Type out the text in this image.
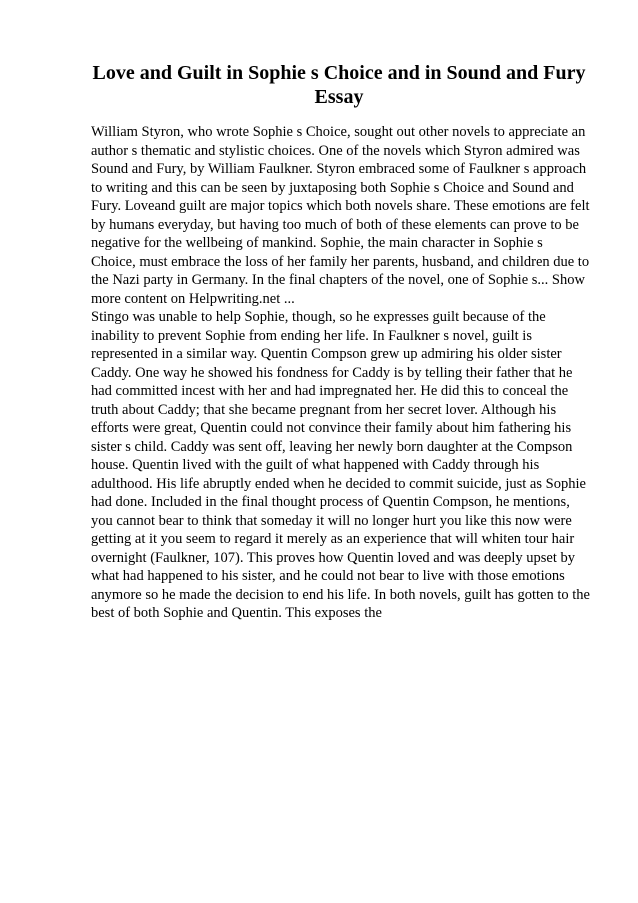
Love and Guilt in Sophie s Choice and in Sound and Fury Essay

William Styron, who wrote Sophie s Choice, sought out other novels to appreciate an author s thematic and stylistic choices. One of the novels which Styron admired was Sound and Fury, by William Faulkner. Styron embraced some of Faulkner s approach to writing and this can be seen by juxtaposing both Sophie s Choice and Sound and Fury. Loveand guilt are major topics which both novels share. These emotions are felt by humans everyday, but having too much of both of these elements can prove to be negative for the wellbeing of mankind. Sophie, the main character in Sophie s Choice, must embrace the loss of her family her parents, husband, and children due to the Nazi party in Germany. In the final chapters of the novel, one of Sophie s... Show more content on Helpwriting.net ...

Stingo was unable to help Sophie, though, so he expresses guilt because of the inability to prevent Sophie from ending her life. In Faulkner s novel, guilt is represented in a similar way. Quentin Compson grew up admiring his older sister Caddy. One way he showed his fondness for Caddy is by telling their father that he had committed incest with her and had impregnated her. He did this to conceal the truth about Caddy; that she became pregnant from her secret lover. Although his efforts were great, Quentin could not convince their family about him fathering his sister s child. Caddy was sent off, leaving her newly born daughter at the Compson house. Quentin lived with the guilt of what happened with Caddy through his adulthood. His life abruptly ended when he decided to commit suicide, just as Sophie had done. Included in the final thought process of Quentin Compson, he mentions, you cannot bear to think that someday it will no longer hurt you like this now were getting at it you seem to regard it merely as an experience that will whiten tour hair overnight (Faulkner, 107). This proves how Quentin loved and was deeply upset by what had happened to his sister, and he could not bear to live with those emotions anymore so he made the decision to end his life. In both novels, guilt has gotten to the best of both Sophie and Quentin. This exposes the
